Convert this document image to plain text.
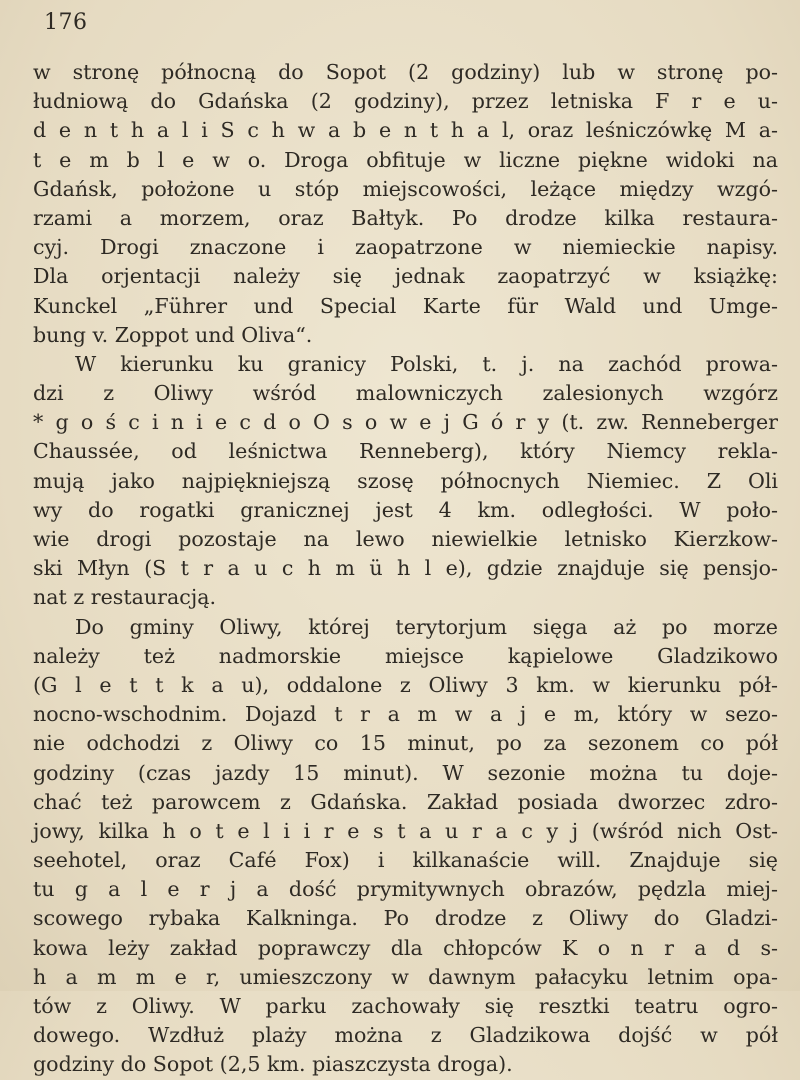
176
w stronę północną do Sopot (2 godziny) lub w stronę po-
łudniową do Gdańska (2 godziny), przez letniska F r e u-
d e n t h a l i S c h w a b e n t h a l, oraz leśniczówkę M a-
t e m b l e w o. Droga obfituje w liczne piękne widoki na
Gdańsk, położone u stóp miejscowości, leżące między wzgó-
rzami a morzem, oraz Bałtyk. Po drodze kilka restaura-
cyj. Drogi znaczone i zaopatrzone w niemieckie napisy.
Dla orjentacji należy się jednak zaopatrzyć w książkę:
Kunckel „Führer und Special Karte für Wald und Umge-
bung v. Zoppot und Oliva“.
W kierunku ku granicy Polski, t. j. na zachód prowa-
dzi z Oliwy wśród malowniczych zalesionych wzgórz
* g o ś c i n i e c d o O s o w e j G ó r y (t. zw. Renneberger
Chaussée, od leśnictwa Renneberg), który Niemcy rekla-
mują jako najpiękniejszą szosę północnych Niemiec. Z Oli
wy do rogatki granicznej jest 4 km. odległości. W poło-
wie drogi pozostaje na lewo niewielkie letnisko Kierzkow-
ski Młyn (S t r a u c h m ü h l e), gdzie znajduje się pensjo-
nat z restauracją.
Do gminy Oliwy, której terytorjum sięga aż po morze
należy też nadmorskie miejsce kąpielowe Gladzikowo
(G l e t t k a u), oddalone z Oliwy 3 km. w kierunku pół-
nocno-wschodnim. Dojazd t r a m w a j e m, który w sezo-
nie odchodzi z Oliwy co 15 minut, po za sezonem co pół
godziny (czas jazdy 15 minut). W sezonie można tu doje-
chać też parowcem z Gdańska. Zakład posiada dworzec zdro-
jowy, kilka h o t e l i i r e s t a u r a c y j (wśród nich Ost-
seehotel, oraz Café Fox) i kilkanaście will. Znajduje się
tu g a l e r j a dość prymitywnych obrazów, pędzla miej-
scowego rybaka Kalkninga. Po drodze z Oliwy do Gladzi-
kowa leży zakład poprawczy dla chłopców K o n r a d s-
h a m m e r, umieszczony w dawnym pałacyku letnim opa-
tów z Oliwy. W parku zachowały się resztki teatru ogro-
dowego. Wzdłuż plaży można z Gladzikowa dojść w pół
godziny do Sopot (2,5 km. piaszczysta droga).
